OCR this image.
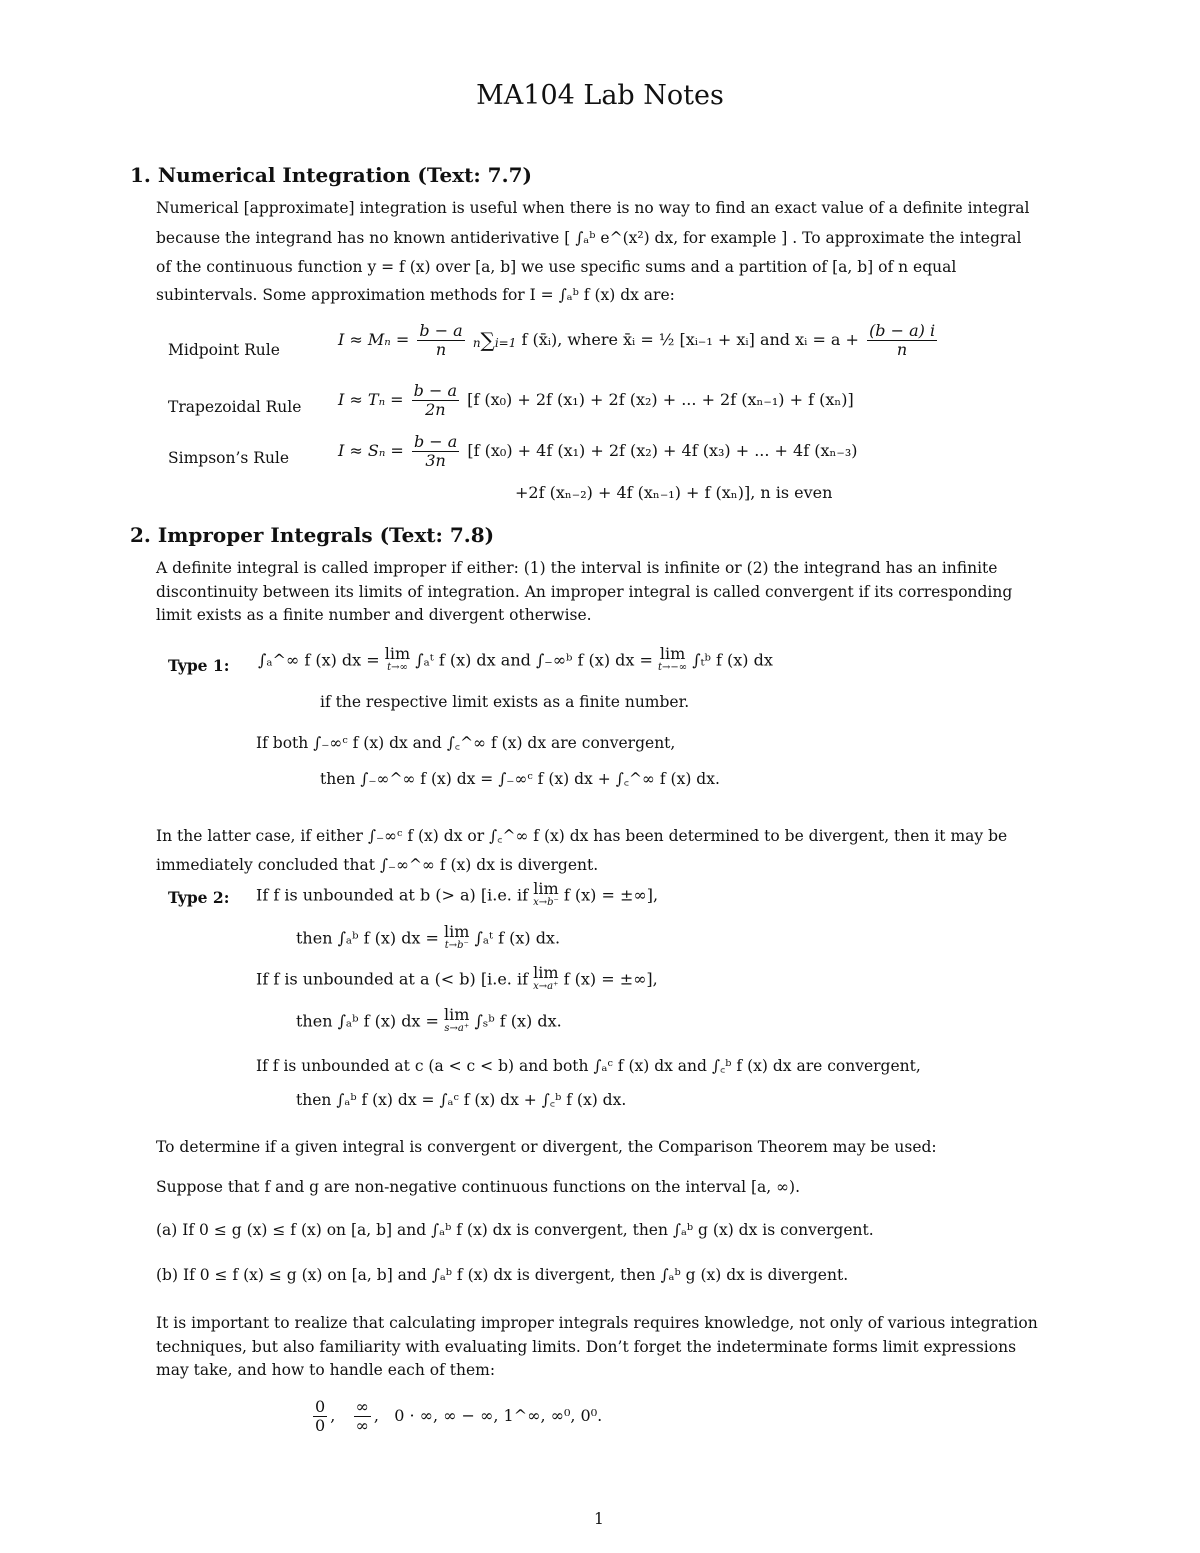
MA104 Lab Notes
1. Numerical Integration (Text: 7.7)
Numerical [approximate] integration is useful when there is no way to find an exact value of a definite integral
because the integrand has no known antiderivative [ ∫ₐᵇ e^(x²) dx, for example ] . To approximate the integral
of the continuous function y = f (x) over [a, b] we use specific sums and a partition of [a, b] of n equal
subintervals. Some approximation methods for I = ∫ₐᵇ f (x) dx are:
Midpoint Rule
$I \approx M_n = \frac{b - a}{n} n\sum i=1$ f (x̄ᵢ), where x̄ᵢ = ½ [xᵢ₋₁ + xᵢ] and xᵢ = $a + \frac{(b - a) i}{n}$
Trapezoidal Rule $I \approx T_n = \frac{b - a}{2n} [f$ (x₀) + 2f (x₁) + 2f (x₂) + ... + 2f (xₙ₋₁) + f (xₙ)]
Simpson’s Rule	$I \approx S_n = \frac{b - a}{3n} [f$ (x₀) + 4f (x₁) + 2f (x₂) + 4f (x₃) + ... + 4f (xₙ₋₃)
+2f (xₙ₋₂) + 4f (xₙ₋₁) + f (xₙ)], n is even
2. Improper Integrals (Text: 7.8)
A definite integral is called improper if either: (1) the interval is infinite or (2) the integrand has an infinite
discontinuity between its limits of integration. An improper integral is called convergent if its corresponding
limit exists as a finite number and divergent otherwise.
Type 1: ∫ₐ^∞ f (x) dx = lim
t→∞ ∫ₐᵗ f (x) dx and ∫₋∞ᵇ f (x) dx = lim
t→−∞ ∫ₜᵇ f (x) dx
if the respective limit exists as a finite number.
If both ∫₋∞ᶜ f (x) dx and ∫꜀^∞ f (x) dx are convergent,
then ∫₋∞^∞ f (x) dx = ∫₋∞ᶜ f (x) dx + ∫꜀^∞ f (x) dx.
In the latter case, if either ∫₋∞ᶜ f (x) dx or ∫꜀^∞ f (x) dx has been determined to be divergent, then it may be
immediately concluded that ∫₋∞^∞ f (x) dx is divergent.
Type 2: If f is unbounded at b (> a) [i.e. if lim
x→b⁻ f (x) = ±∞],
then ∫ₐᵇ f (x) dx = lim
t→b⁻ ∫ₐᵗ f (x) dx.
If f is unbounded at a (< b) [i.e. if lim
x→a⁺ f (x) = ±∞],
then ∫ₐᵇ f (x) dx = lim
s→a⁺ ∫ₛᵇ f (x) dx.
If f is unbounded at c (a < c < b) and both ∫ₐᶜ f (x) dx and ∫꜀ᵇ f (x) dx are convergent,
then ∫ₐᵇ f (x) dx = ∫ₐᶜ f (x) dx + ∫꜀ᵇ f (x) dx.
To determine if a given integral is convergent or divergent, the Comparison Theorem may be used:
Suppose that f and g are non-negative continuous functions on the interval [a, ∞).
(a) If 0 ≤ g (x) ≤ f (x) on [a, b] and ∫ₐᵇ f (x) dx is convergent, then ∫ₐᵇ g (x) dx is convergent.
(b) If 0 ≤ f (x) ≤ g (x) on [a, b] and ∫ₐᵇ f (x) dx is divergent, then ∫ₐᵇ g (x) dx is divergent.
It is important to realize that calculating improper integrals requires knowledge, not only of various integration
techniques, but also familiarity with evaluating limits. Don’t forget the indeterminate forms limit expressions
may take, and how to handle each of them:
$\frac{0}{0}$ , ∞
∞
,   0 · ∞, ∞ − ∞, 1^∞, ∞⁰, 0⁰.
1
